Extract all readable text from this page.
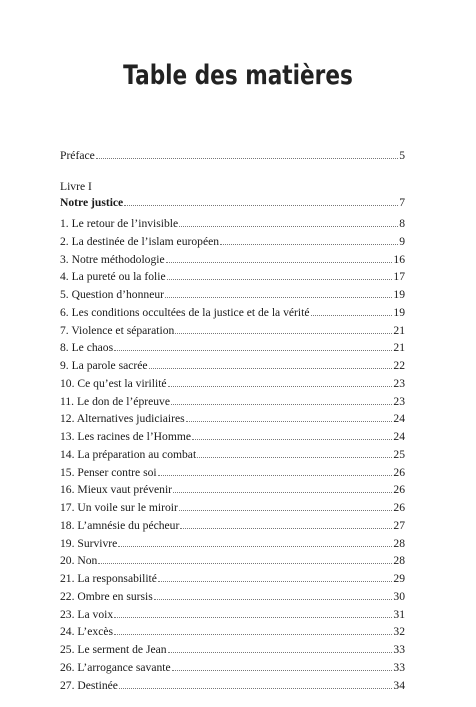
Table des matières
Préface	5
Livre I
Notre justice	7
1. Le retour de l’invisible	8
2. La destinée de l’islam européen	9
3. Notre méthodologie	16
4. La pureté ou la folie	17
5. Question d’honneur	19
6. Les conditions occultées de la justice et de la vérité	19
7. Violence et séparation	21
8. Le chaos	21
9. La parole sacrée	22
10. Ce qu’est la virilité	23
11. Le don de l’épreuve	23
12. Alternatives judiciaires	24
13. Les racines de l’Homme	24
14. La préparation au combat	25
15. Penser contre soi	26
16. Mieux vaut prévenir	26
17. Un voile sur le miroir	26
18. L’amnésie du pécheur	27
19. Survivre	28
20. Non	28
21. La responsabilité	29
22. Ombre en sursis	30
23. La voix	31
24. L’excès	32
25. Le serment de Jean	33
26. L’arrogance savante	33
27. Destinée	34
